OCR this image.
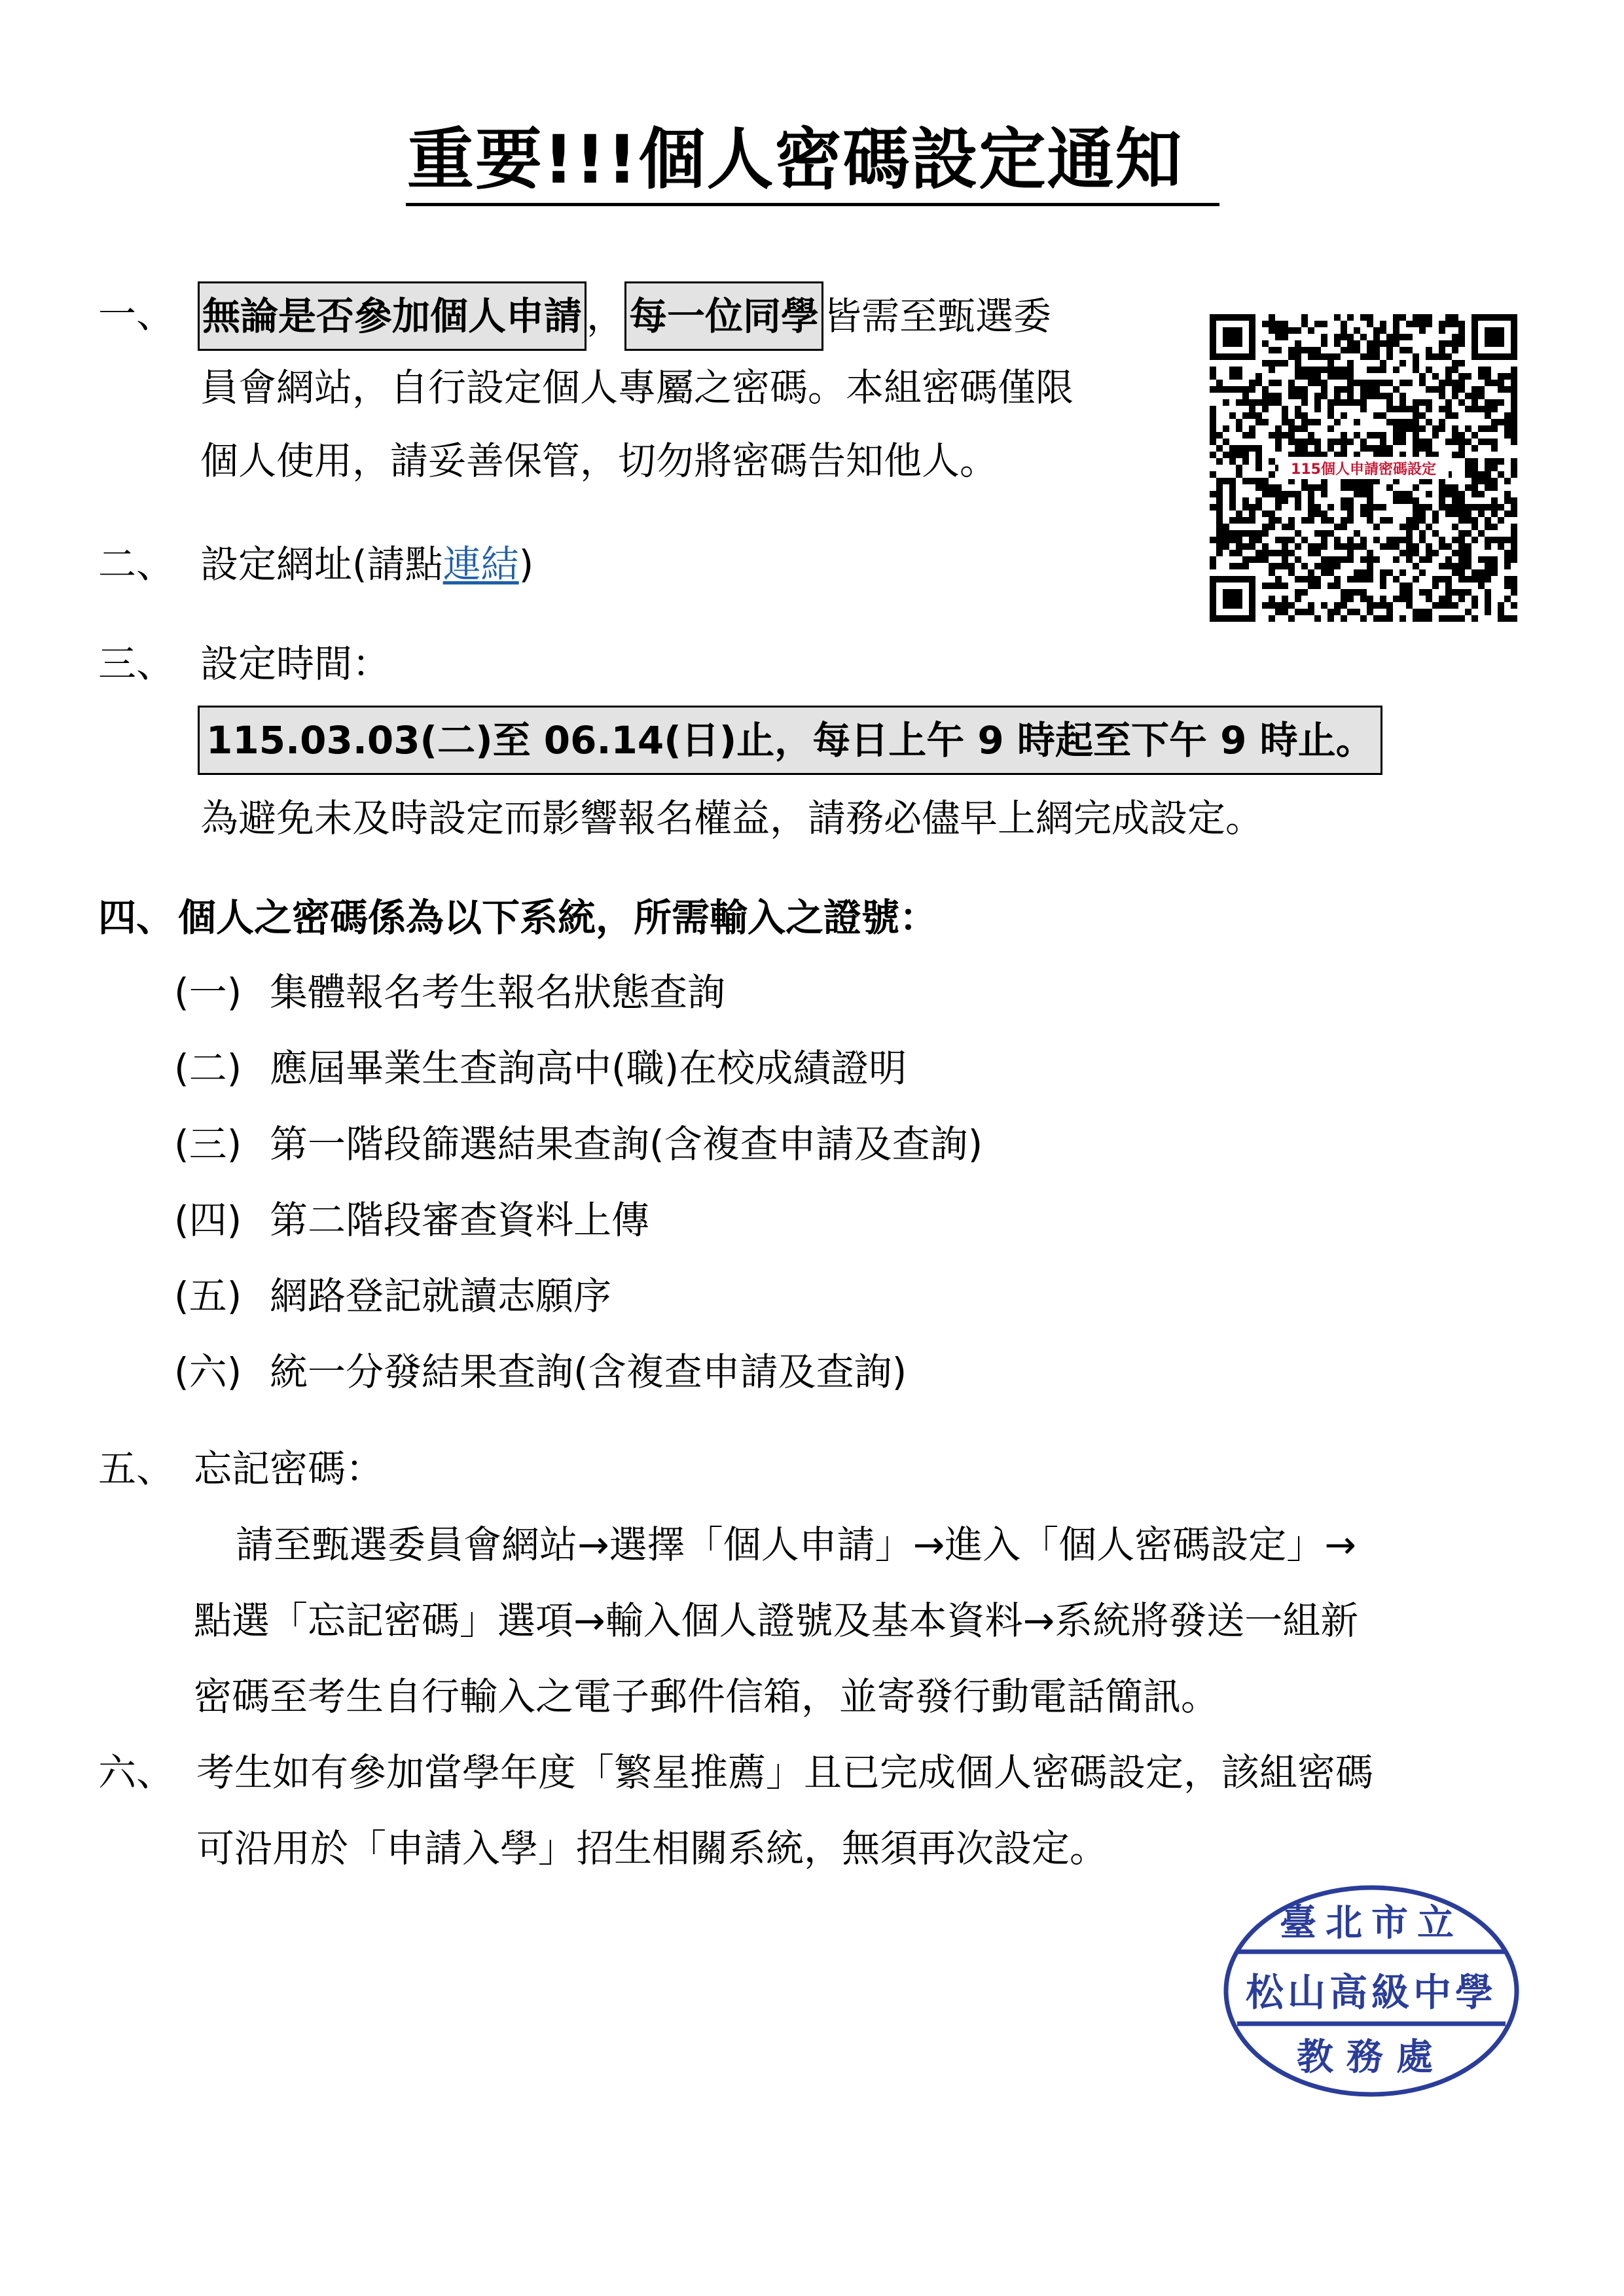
重要!!!個人密碼設定通知
一、 無論是否參加個人申請 ， 每一位同學 皆需至甄選委
員會網站，自行設定個人專屬之密碼。本組密碼僅限
個人使用，請妥善保管，切勿將密碼告知他人。
二、 設定網址(請點連結)
115個人申請密碼設定
三、 設定時間：
115.03.03(二)至 06.14(日)止，每日上午 9 時起至下午 9 時止。
為避免未及時設定而影響報名權益，請務必儘早上網完成設定。
四、 個人之密碼係為以下系統，所需輸入之證號：
(一) 集體報名考生報名狀態查詢
(二) 應屆畢業生查詢高中(職)在校成績證明
(三) 第一階段篩選結果查詢(含複查申請及查詢)
(四) 第二階段審查資料上傳
(五) 網路登記就讀志願序
(六) 統一分發結果查詢(含複查申請及查詢)
五、 忘記密碼：
請至甄選委員會網站→選擇「個人申請」→進入「個人密碼設定」→
點選「忘記密碼」選項→輸入個人證號及基本資料→系統將發送一組新
密碼至考生自行輸入之電子郵件信箱，並寄發行動電話簡訊。
六、 考生如有參加當學年度「繁星推薦」且已完成個人密碼設定，該組密碼
可沿用於「申請入學」招生相關系統，無須再次設定。
臺北市立
松山高級中學
教務處
